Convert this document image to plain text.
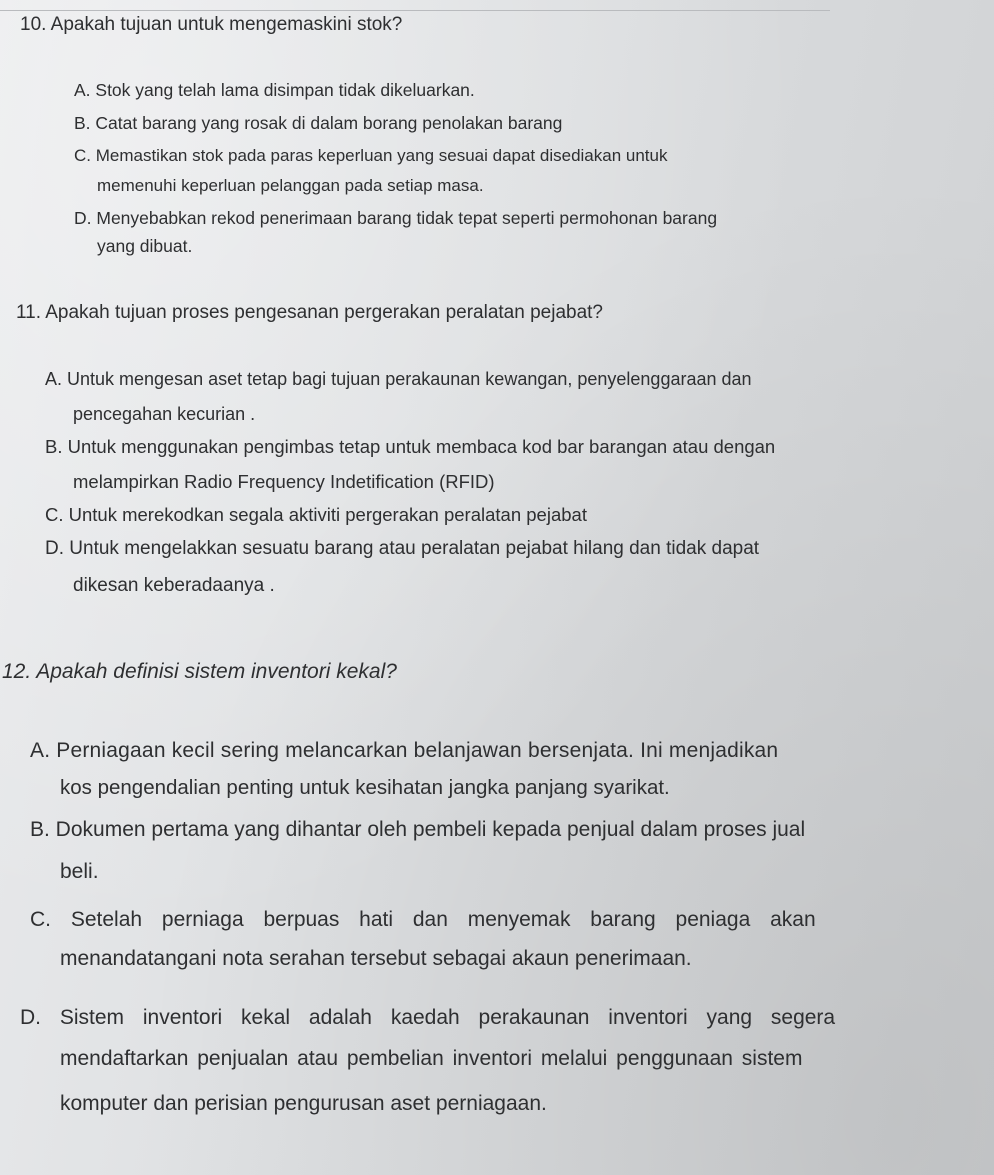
10. Apakah tujuan untuk mengemaskini stok?

A. Stok yang telah lama disimpan tidak dikeluarkan.

B. Catat barang yang rosak di dalam borang penolakan barang

C. Memastikan stok pada paras keperluan yang sesuai dapat disediakan untuk

memenuhi keperluan pelanggan pada setiap masa.

D. Menyebabkan rekod penerimaan barang tidak tepat seperti permohonan barang

yang dibuat.

11. Apakah tujuan proses pengesanan pergerakan peralatan pejabat?

A. Untuk mengesan aset tetap bagi tujuan perakaunan kewangan, penyelenggaraan dan

pencegahan kecurian .

B. Untuk menggunakan pengimbas tetap untuk membaca kod bar barangan atau dengan

melampirkan Radio Frequency Indetification (RFID)

C. Untuk merekodkan segala aktiviti pergerakan peralatan pejabat

D. Untuk mengelakkan sesuatu barang atau peralatan pejabat hilang dan tidak dapat

dikesan keberadaanya .

12. Apakah definisi sistem inventori kekal?

A. Perniagaan kecil sering melancarkan belanjawan bersenjata. Ini menjadikan

kos pengendalian penting untuk kesihatan jangka panjang syarikat.

B. Dokumen pertama yang dihantar oleh pembeli kepada penjual dalam proses jual

beli.

C. Setelah perniaga berpuas hati dan menyemak barang peniaga akan

menandatangani nota serahan tersebut sebagai akaun penerimaan.

D. Sistem inventori kekal adalah kaedah perakaunan inventori yang segera

mendaftarkan penjualan atau pembelian inventori melalui penggunaan sistem

komputer dan perisian pengurusan aset perniagaan.
